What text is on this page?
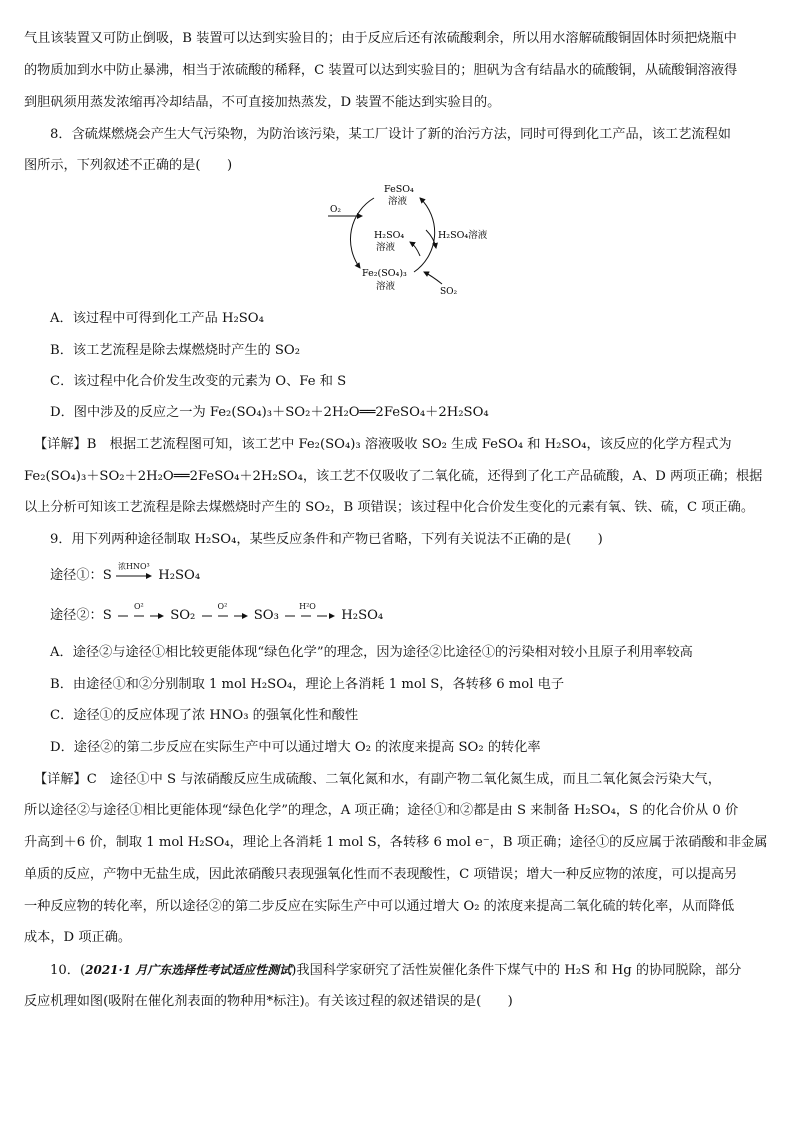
气且该装置又可防止倒吸，B 装置可以达到实验目的；由于反应后还有浓硫酸剩余，所以用水溶解硫酸铜固体时须把烧瓶中
的物质加到水中防止暴沸，相当于浓硫酸的稀释，C 装置可以达到实验目的；胆矾为含有结晶水的硫酸铜，从硫酸铜溶液得
到胆矾须用蒸发浓缩再冷却结晶，不可直接加热蒸发，D 装置不能达到实验目的。
8．含硫煤燃烧会产生大气污染物，为防治该污染，某工厂设计了新的治污方法，同时可得到化工产品，该工艺流程如
图所示，下列叙述不正确的是(　　)
FeSO₄
溶液
O₂
H₂SO₄
溶液
H₂SO₄溶液
Fe₂(SO₄)₃
溶液	SO₂
A．该过程中可得到化工产品 H₂SO₄
B．该工艺流程是除去煤燃烧时产生的 SO₂
C．该过程中化合价发生改变的元素为 O、Fe 和 S
D．图中涉及的反应之一为 Fe₂(SO₄)₃＋SO₂＋2H₂O══2FeSO₄＋2H₂SO₄
【详解】B　根据工艺流程图可知，该工艺中 Fe₂(SO₄)₃ 溶液吸收 SO₂ 生成 FeSO₄ 和 H₂SO₄，该反应的化学方程式为
Fe₂(SO₄)₃＋SO₂＋2H₂O══2FeSO₄＋2H₂SO₄，该工艺不仅吸收了二氧化硫，还得到了化工产品硫酸，A、D 两项正确；根据
以上分析可知该工艺流程是除去煤燃烧时产生的 SO₂，B 项错误；该过程中化合价发生变化的元素有氧、铁、硫，C 项正确。
9．用下列两种途径制取 H₂SO₄，某些反应条件和产物已省略，下列有关说法不正确的是(　　)
途径①：S
浓HNO³
H₂SO₄
途径②：S
O²
SO₂
O²
SO₃
H²O
H₂SO₄
A．途径②与途径①相比较更能体现“绿色化学”的理念，因为途径②比途径①的污染相对较小且原子利用率较高
B．由途径①和②分别制取 1 mol H₂SO₄，理论上各消耗 1 mol S，各转移 6 mol 电子
C．途径①的反应体现了浓 HNO₃ 的强氧化性和酸性
D．途径②的第二步反应在实际生产中可以通过增大 O₂ 的浓度来提高 SO₂ 的转化率
【详解】C　途径①中 S 与浓硝酸反应生成硫酸、二氧化氮和水，有副产物二氧化氮生成，而且二氧化氮会污染大气，
所以途径②与途径①相比更能体现“绿色化学”的理念，A 项正确；途径①和②都是由 S 来制备 H₂SO₄，S 的化合价从 0 价
升高到＋6 价，制取 1 mol H₂SO₄，理论上各消耗 1 mol S，各转移 6 mol e⁻，B 项正确；途径①的反应属于浓硝酸和非金属
单质的反应，产物中无盐生成，因此浓硝酸只表现强氧化性而不表现酸性，C 项错误；增大一种反应物的浓度，可以提高另
一种反应物的转化率，所以途径②的第二步反应在实际生产中可以通过增大 O₂ 的浓度来提高二氧化硫的转化率，从而降低
成本，D 项正确。
10．(2021·1 月广东选择性考试适应性测试)我国科学家研究了活性炭催化条件下煤气中的 H₂S 和 Hg 的协同脱除，部分
反应机理如图(吸附在催化剂表面的物种用*标注)。有关该过程的叙述错误的是(　　)
